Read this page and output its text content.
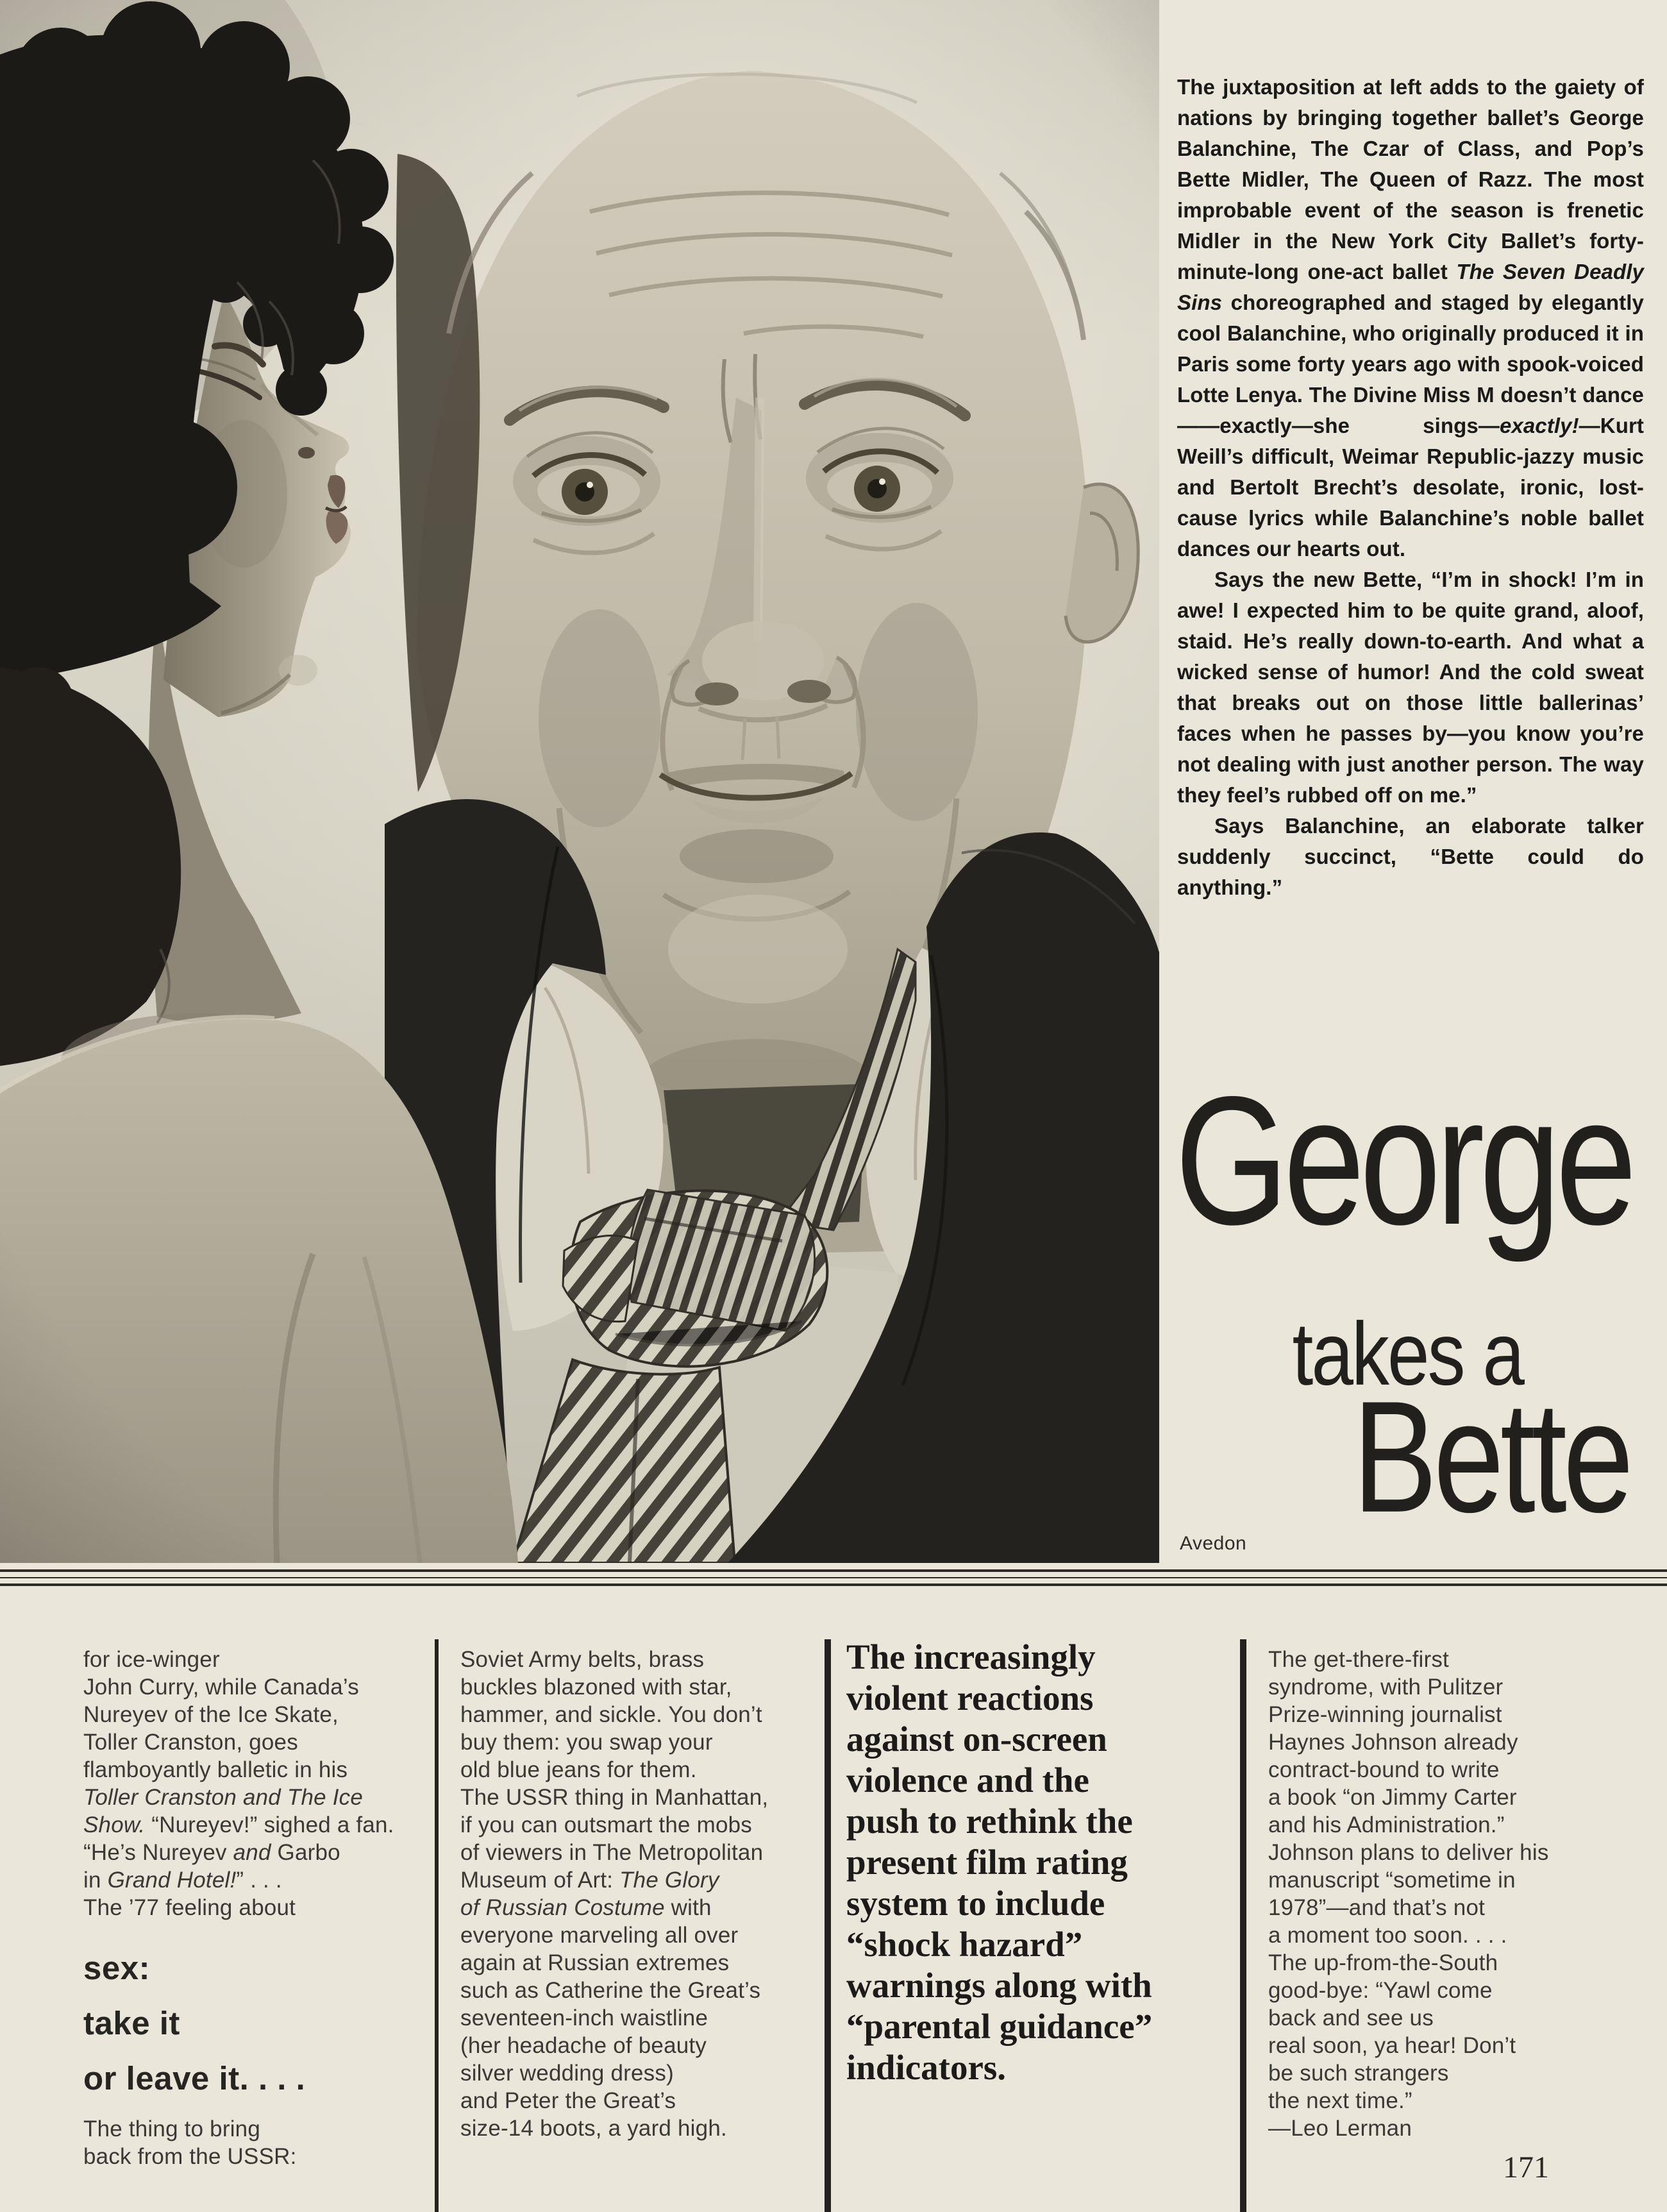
The juxtaposition at left adds to the gaiety of nations by bringing together ballet’s George Balanchine, The Czar of Class, and Pop’s Bette Midler, The Queen of Razz. The most improbable event of the season is frenetic Midler in the New York City Ballet’s forty-minute-long one-act ballet The Seven Deadly Sins choreographed and staged by elegantly cool Balanchine, who originally produced it in Paris some forty years ago with spook-voiced Lotte Lenya. The Divine Miss M doesn’t dance——exactly—she sings—exactly!—Kurt Weill’s difficult, Weimar Republic-jazzy music and Bertolt Brecht’s desolate, ironic, lost-cause lyrics while Balanchine’s noble ballet dances our hearts out.

Says the new Bette, “I’m in shock! I’m in awe! I expected him to be quite grand, aloof, staid. He’s really down-to-earth. And what a wicked sense of humor! And the cold sweat that breaks out on those little ballerinas’ faces when he passes by—you know you’re not dealing with just another person. The way they feel’s rubbed off on me.”

Says Balanchine, an elaborate talker suddenly succinct, “Bette could do anything.”

George
takes a
Bette
Avedon
for ice-winger
John Curry, while Canada’s
Nureyev of the Ice Skate,
Toller Cranston, goes
flamboyantly balletic in his
Toller Cranston and The Ice
Show. “Nureyev!” sighed a fan.
“He’s Nureyev and Garbo
in Grand Hotel!” . . .
The ’77 feeling about
sex:
take it
or leave it. . . .
The thing to bring
back from the USSR:
Soviet Army belts, brass
buckles blazoned with star,
hammer, and sickle. You don’t
buy them: you swap your
old blue jeans for them.
The USSR thing in Manhattan,
if you can outsmart the mobs
of viewers in The Metropolitan
Museum of Art: The Glory
of Russian Costume with
everyone marveling all over
again at Russian extremes
such as Catherine the Great’s
seventeen-inch waistline
(her headache of beauty
silver wedding dress)
and Peter the Great’s
size-14 boots, a yard high.
The increasingly
violent reactions
against on-screen
violence and the
push to rethink the
present film rating
system to include
“shock hazard”
warnings along with
“parental guidance”
indicators.
The get-there-first
syndrome, with Pulitzer
Prize-winning journalist
Haynes Johnson already
contract-bound to write
a book “on Jimmy Carter
and his Administration.”
Johnson plans to deliver his
manuscript “sometime in
1978”—and that’s not
a moment too soon. . . .
The up-from-the-South
good-bye: “Yawl come
back and see us
real soon, ya hear! Don’t
be such strangers
the next time.”
—Leo Lerman
171
